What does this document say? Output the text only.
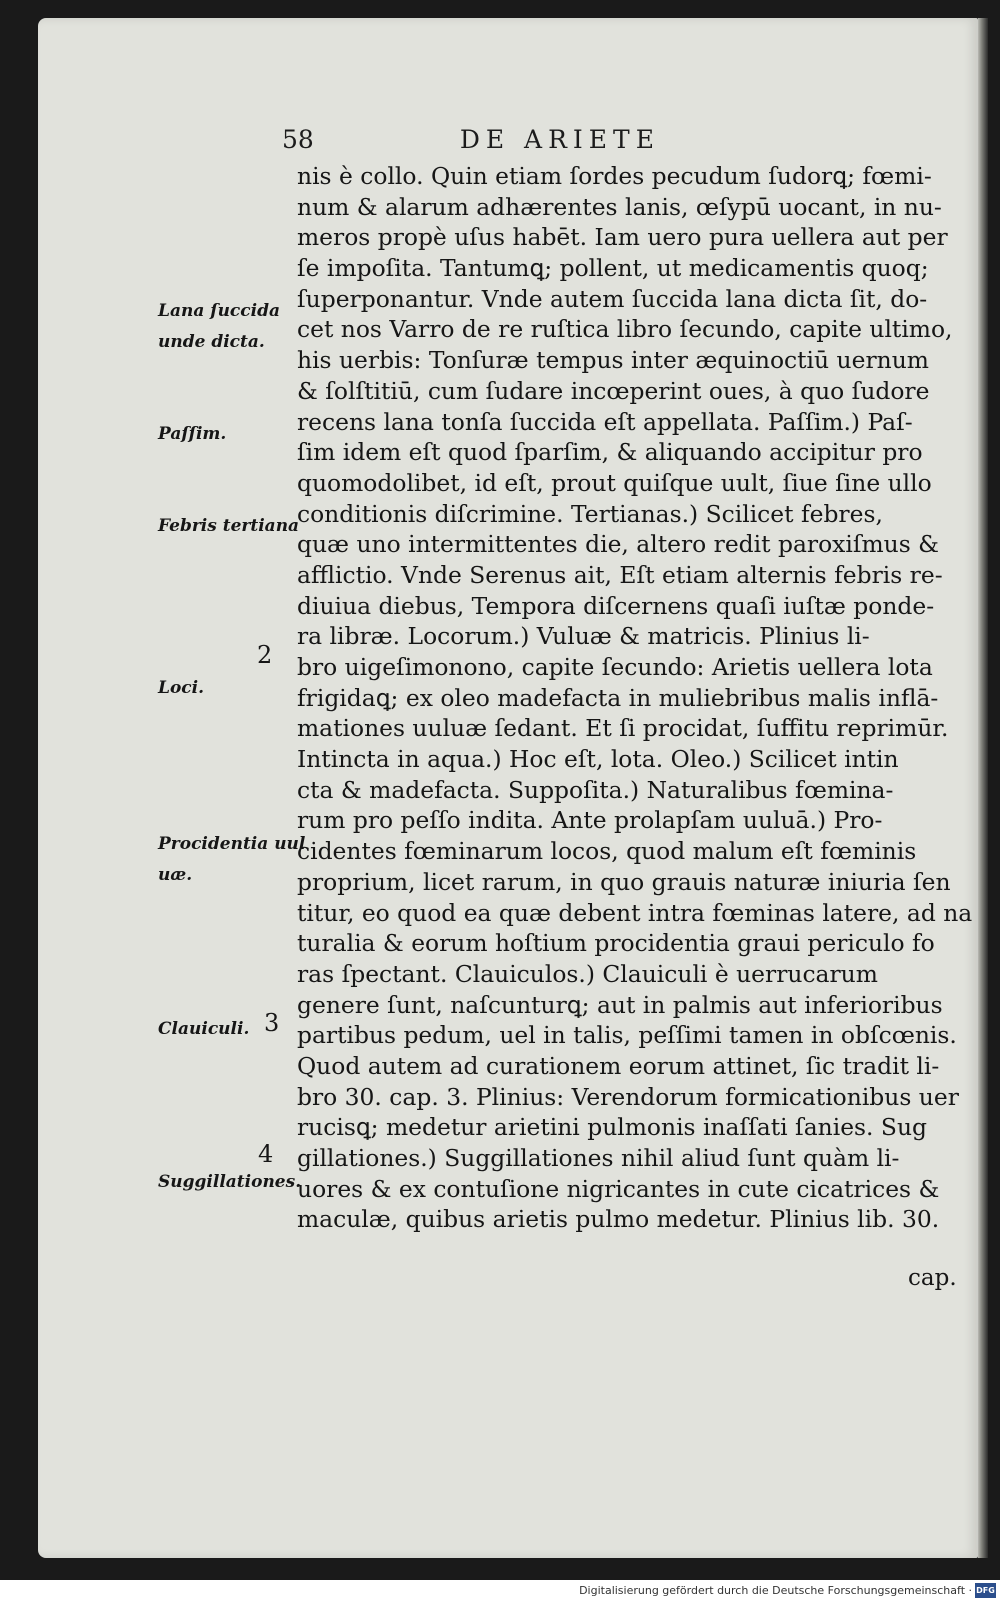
58	DE ARIETE
nis è collo. Quin etiam ſordes pecudum ſudorꝗ; fœmi-
num & alarum adhærentes lanis, œſypū uocant, in nu-
meros propè uſus habēt. Iam uero pura uellera aut per
ſe impoſita. Tantumꝗ; pollent, ut medicamentis quoq;
ſuperponantur. Vnde autem ſuccida lana dicta ſit, do-
cet nos Varro de re ruſtica libro ſecundo, capite ultimo,
his uerbis: Tonſuræ tempus inter æquinoctiū uernum
& ſolſtitiū, cum ſudare incœperint oues, à quo ſudore
recens lana tonſa ſuccida eſt appellata. Paſſim.) Paſ-
ſim idem eſt quod ſparſim, & aliquando accipitur pro
quomodolibet, id eſt, prout quiſque uult, ſiue ſine ullo
conditionis diſcrimine. Tertianas.) Scilicet febres,
quæ uno intermittentes die, altero redit paroxiſmus &
afflictio. Vnde Serenus ait, Eſt etiam alternis febris re-
diuiua diebus, Tempora diſcernens quaſi iuſtæ ponde-
ra libræ. Locorum.) Vuluæ & matricis. Plinius li-
bro uigeſimonono, capite ſecundo: Arietis uellera lota
frigidaꝗ; ex oleo madefacta in muliebribus malis inflā-
mationes uuluæ ſedant. Et ſi procidat, ſuffitu reprimūr.
Intincta in aqua.) Hoc eſt, lota. Oleo.) Scilicet intin
cta & madefacta. Suppoſita.) Naturalibus fœmina-
rum pro peſſo indita. Ante prolapſam uuluā.) Pro-
cidentes fœminarum locos, quod malum eſt fœminis
proprium, licet rarum, in quo grauis naturæ iniuria ſen
titur, eo quod ea quæ debent intra fœminas latere, ad na
turalia & eorum hoſtium procidentia graui periculo fo
ras ſpectant. Clauiculos.) Clauiculi è uerrucarum
genere ſunt, naſcunturꝗ; aut in palmis aut inferioribus
partibus pedum, uel in talis, peſſimi tamen in obſcœnis.
Quod autem ad curationem eorum attinet, ſic tradit li-
bro 30. cap. 3. Plinius: Verendorum formicationibus uer
rucisꝗ; medetur arietini pulmonis inaſſati ſanies. Sug
gillationes.) Suggillationes nihil aliud ſunt quàm li-
uores & ex contuſione nigricantes in cute cicatrices &
maculæ, quibus arietis pulmo medetur. Plinius lib. 30.
Lana ſuccida
unde dicta.
Paſſim.
Febris tertiana
Loci.
Procidentia uul
uæ.
Clauiculi.
Suggillationes.
2
3
4
cap.
Digitalisierung gefördert durch die Deutsche Forschungsgemeinschaft · DFG
